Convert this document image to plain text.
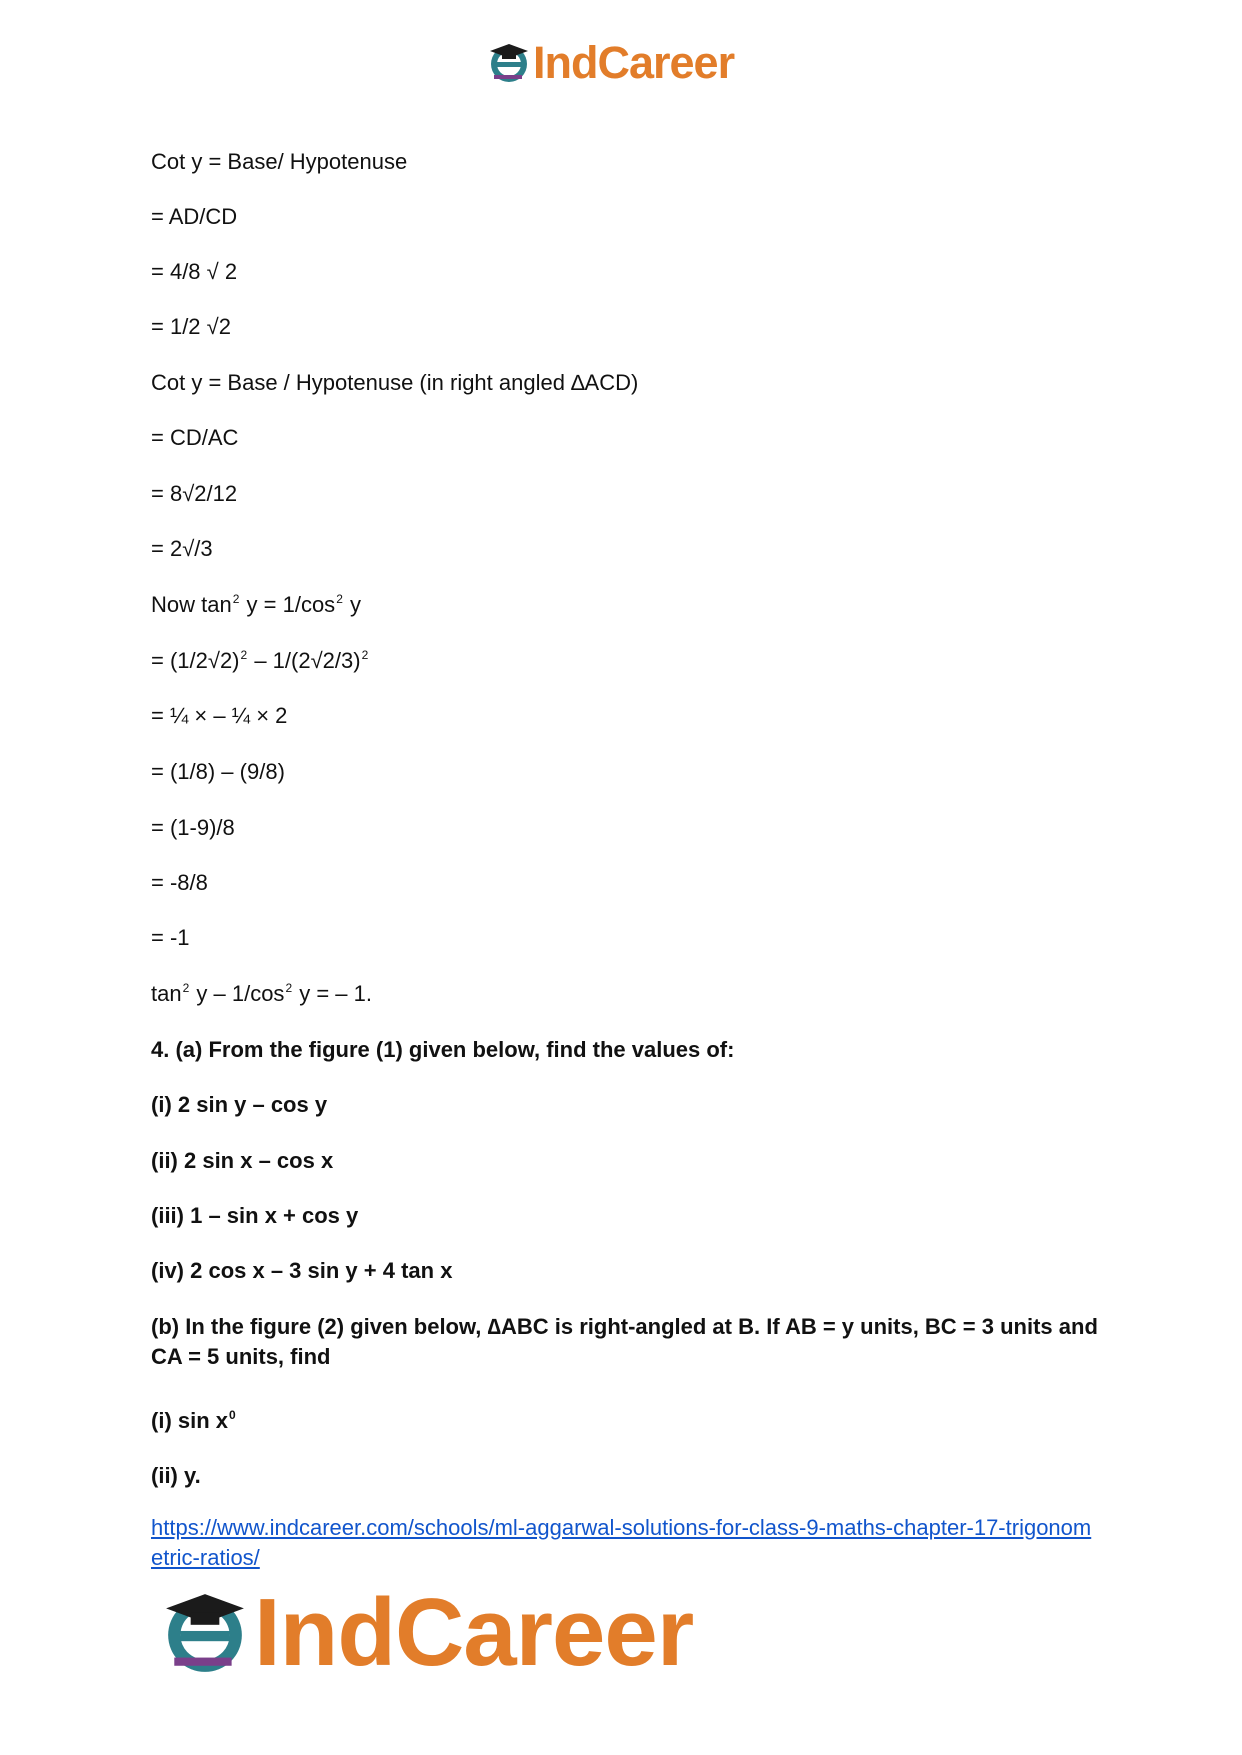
IndCareer

Cot y = Base/ Hypotenuse

= AD/CD

= 4/8 √ 2

= 1/2 √2

Cot y = Base / Hypotenuse (in right angled ∆ACD)

= CD/AC

= 8√2/12

= 2√/3

Now $\tan^2 y = 1/\cos^2$ y

= $(1/2√2)^2 - 1/(2√2/3)^2$

= ¼ × – ¼ × 2

= (1/8) – (9/8)

= (1-9)/8

= -8/8

= -1

$\tan^2 y - 1/\cos^2$ y = – 1.

4. (a) From the figure (1) given below, find the values of:

(i) 2 sin y – cos y

(ii) 2 sin x – cos x

(iii) 1 – sin x + cos y

(iv) 2 cos x – 3 sin y + 4 tan x

(b) In the figure (2) given below, ∆ABC is right-angled at B. If AB = y units, BC = 3 units and CA = 5 units, find

(i) $\sin x^0$

(ii) y.

https://www.indcareer.com/schools/ml-aggarwal-solutions-for-class-9-maths-chapter-17-trigonometric-ratios/
IndCareer
